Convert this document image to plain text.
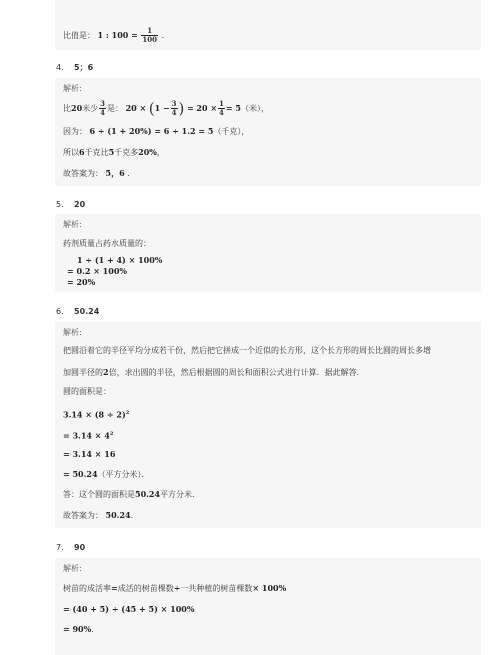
比值是： 1 : $100 = \frac{1}{100}$ .
4. 5；6
解析:
比20米少 $\frac{3}{4}$ 是： $20 \times (1 - \frac{3}{4}$ ) = $20 \times \frac{1}{4} = 5$（米），
因为： 6 ÷ (1 + 20%) = 6 ÷ 1.2 = 5（千克），
所以6千克比5千克多20%，
故答案为： 5，6 .
5. 20
解析:
药剂质量占药水质量的：
1 ÷ (1 + 4) × 100%
= 0.2 × 100%
= 20%
6. 50.24
解析:
把圆沿着它的半径平均分成若干份，然后把它拼成一个近似的长方形，这个长方形的周长比圆的周长多增
加圆半径的2倍，求出圆的半径，然后根据圆的周长和面积公式进行计算．据此解答．
圆的面积是：
$3.14 \times (8 \div 2)^2$
= $3.14 \times 4^2$
= 3.14 × 16
= 50.24（平方分米）．
答：这个圆的面积是50.24平方分米．
故答案为： 50.24.
7. 90
解析:
树苗的成活率=成活的树苗棵数÷一共种植的树苗棵数× 100%
= (40 + 5) ÷ (45 + 5) × 100%
= 90%.
